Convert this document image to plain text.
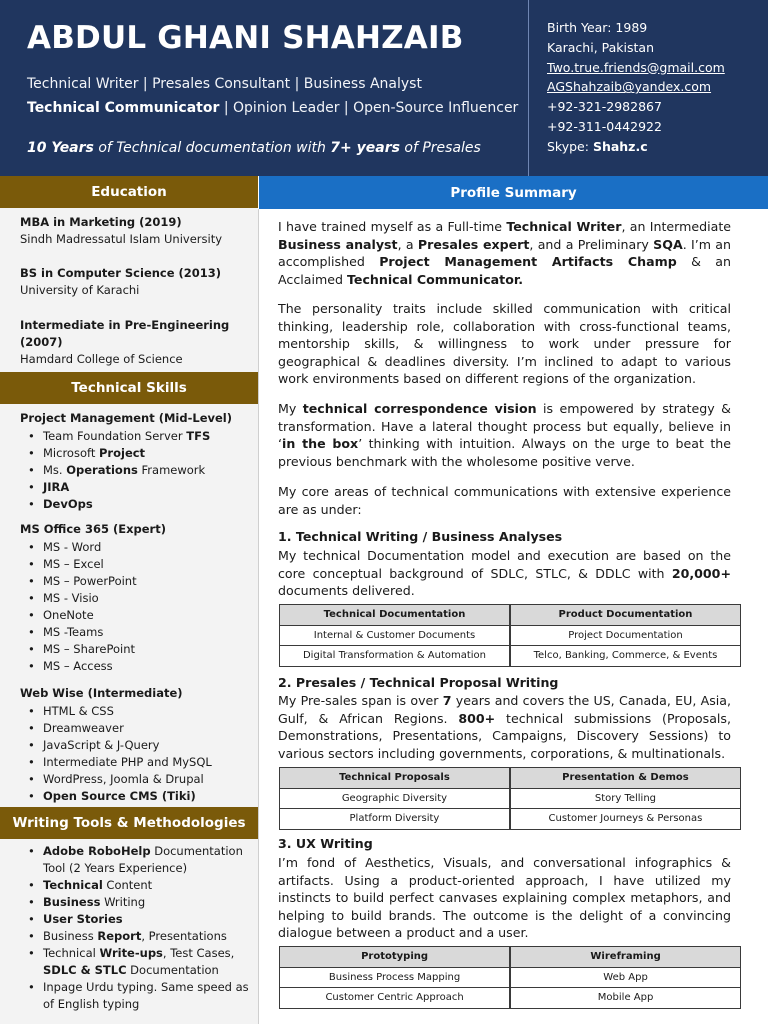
ABDUL GHANI SHAHZAIB
Technical Writer | Presales Consultant | Business Analyst
Technical Communicator | Opinion Leader | Open-Source Influencer
10 Years of Technical documentation with 7+ years of Presales
Birth Year: 1989
Karachi, Pakistan
Two.true.friends@gmail.com
AGShahzaib@yandex.com
+92-321-2982867
+92-311-0442922
Skype: Shahz.c
Education
MBA in Marketing (2019)
Sindh Madressatul Islam University
BS in Computer Science (2013)
University of Karachi
Intermediate in Pre-Engineering (2007)
Hamdard College of Science
Technical Skills
Project Management (Mid-Level)
• Team Foundation Server TFS
• Microsoft Project
• Ms. Operations Framework
• JIRA
• DevOps
MS Office 365 (Expert)
• MS - Word
• MS – Excel
• MS – PowerPoint
• MS - Visio
• OneNote
• MS -Teams
• MS – SharePoint
• MS – Access
Web Wise (Intermediate)
• HTML & CSS
• Dreamweaver
• JavaScript & J-Query
• Intermediate PHP and MySQL
• WordPress, Joomla & Drupal
• Open Source CMS (Tiki)
Writing Tools & Methodologies
• Adobe RoboHelp Documentation Tool (2 Years Experience)
• Technical Content
• Business Writing
• User Stories
• Business Report, Presentations
• Technical Write-ups, Test Cases, SDLC & STLC Documentation
• Inpage Urdu typing. Same speed as of English typing
Profile Summary
I have trained myself as a Full-time Technical Writer, an Intermediate Business analyst, a Presales expert, and a Preliminary SQA. I’m an accomplished Project Management Artifacts Champ & an Acclaimed Technical Communicator.
The personality traits include skilled communication with critical thinking, leadership role, collaboration with cross-functional teams, mentorship skills, & willingness to work under pressure for geographical & deadlines diversity. I’m inclined to adapt to various work environments based on different regions of the organization.
My technical correspondence vision is empowered by strategy & transformation. Have a lateral thought process but equally, believe in ‘in the box’ thinking with intuition. Always on the urge to beat the previous benchmark with the wholesome positive verve.
My core areas of technical communications with extensive experience are as under:
1. Technical Writing / Business Analyses
My technical Documentation model and execution are based on the core conceptual background of SDLC, STLC, & DDLC with 20,000+ documents delivered.
Technical Documentation		Product Documentation
Internal & Customer Documents		Project Documentation
Digital Transformation & Automation		Telco, Banking, Commerce, & Events
2. Presales / Technical Proposal Writing
My Pre-sales span is over 7 years and covers the US, Canada, EU, Asia, Gulf, & African Regions. 800+ technical submissions (Proposals, Demonstrations, Presentations, Campaigns, Discovery Sessions) to various sectors including governments, corporations, & multinationals.
Technical Proposals		Presentation & Demos
Geographic Diversity		Story Telling
Platform Diversity		Customer Journeys & Personas
3. UX Writing
I’m fond of Aesthetics, Visuals, and conversational infographics & artifacts. Using a product-oriented approach, I have utilized my instincts to build perfect canvases explaining complex metaphors, and helping to build brands. The outcome is the delight of a convincing dialogue between a product and a user.
Prototyping		Wireframing
Business Process Mapping		Web App
Customer Centric Approach		Mobile App
